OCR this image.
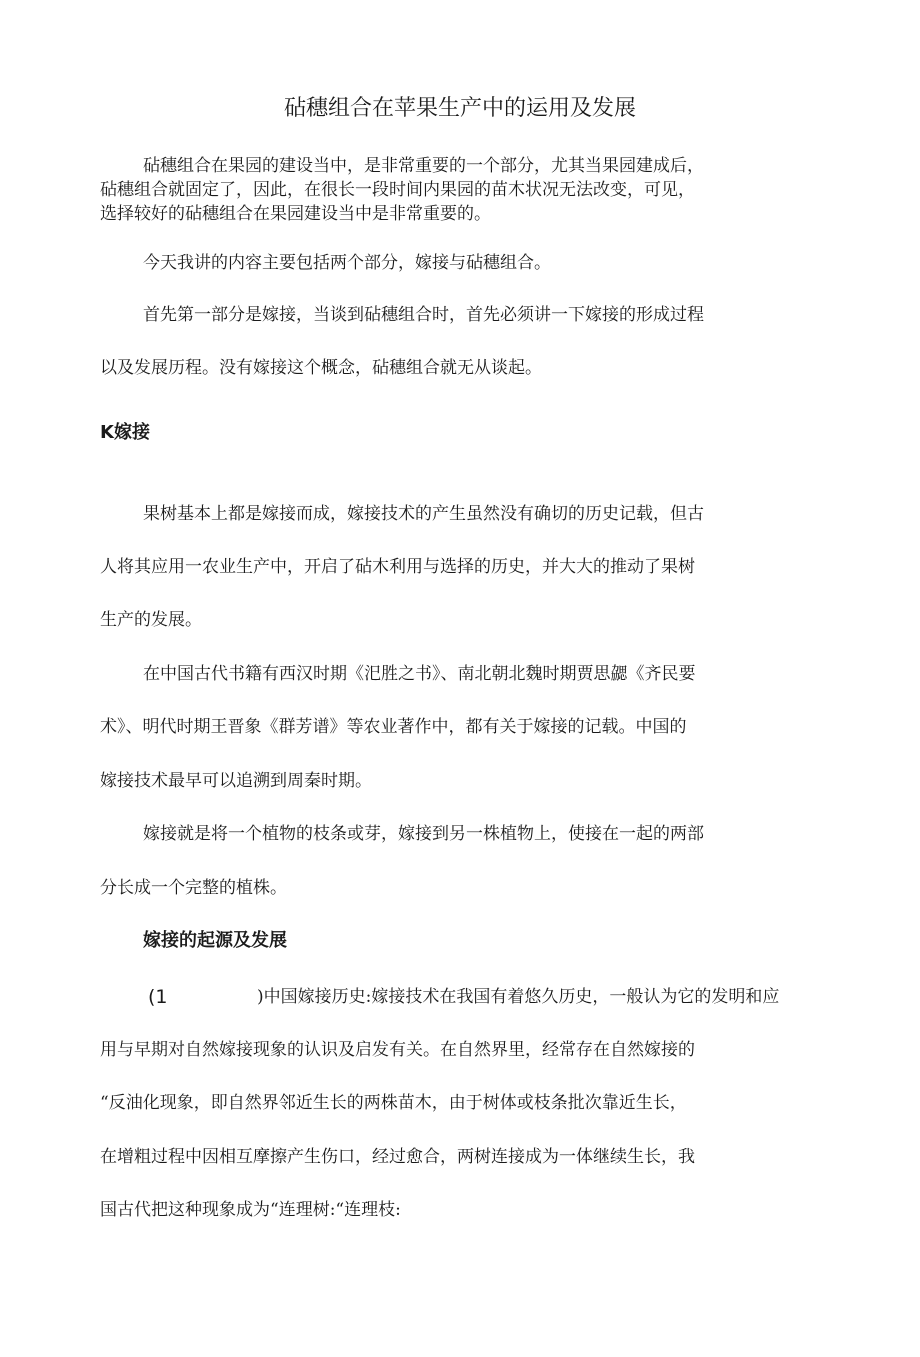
砧穗组合在苹果生产中的运用及发展
砧穗组合在果园的建设当中，是非常重要的一个部分，尤其当果园建成后，
砧穗组合就固定了，因此，在很长一段时间内果园的苗木状况无法改变，可见，
选择较好的砧穗组合在果园建设当中是非常重要的。
今天我讲的内容主要包括两个部分，嫁接与砧穗组合。
首先第一部分是嫁接，当谈到砧穗组合时，首先必须讲一下嫁接的形成过程
以及发展历程。没有嫁接这个概念，砧穗组合就无从谈起。
K嫁接
果树基本上都是嫁接而成，嫁接技术的产生虽然没有确切的历史记载，但古
人将其应用一农业生产中，开启了砧木利用与选择的历史，并大大的推动了果树
生产的发展。
在中国古代书籍有西汉时期《汜胜之书》、南北朝北魏时期贾思勰《齐民要
术》、明代时期王晋象《群芳谱》等农业著作中，都有关于嫁接的记载。中国的
嫁接技术最早可以追溯到周秦时期。
嫁接就是将一个植物的枝条或芽，嫁接到另一株植物上，使接在一起的两部
分长成一个完整的植株。
嫁接的起源及发展
(1	)中国嫁接历史:嫁接技术在我国有着悠久历史，一般认为它的发明和应
用与早期对自然嫁接现象的认识及启发有关。在自然界里，经常存在自然嫁接的
“反油化现象，即自然界邻近生长的两株苗木，由于树体或枝条批次靠近生长，
在增粗过程中因相互摩擦产生伤口，经过愈合，两树连接成为一体继续生长，我
国古代把这种现象成为“连理树:“连理枝:
